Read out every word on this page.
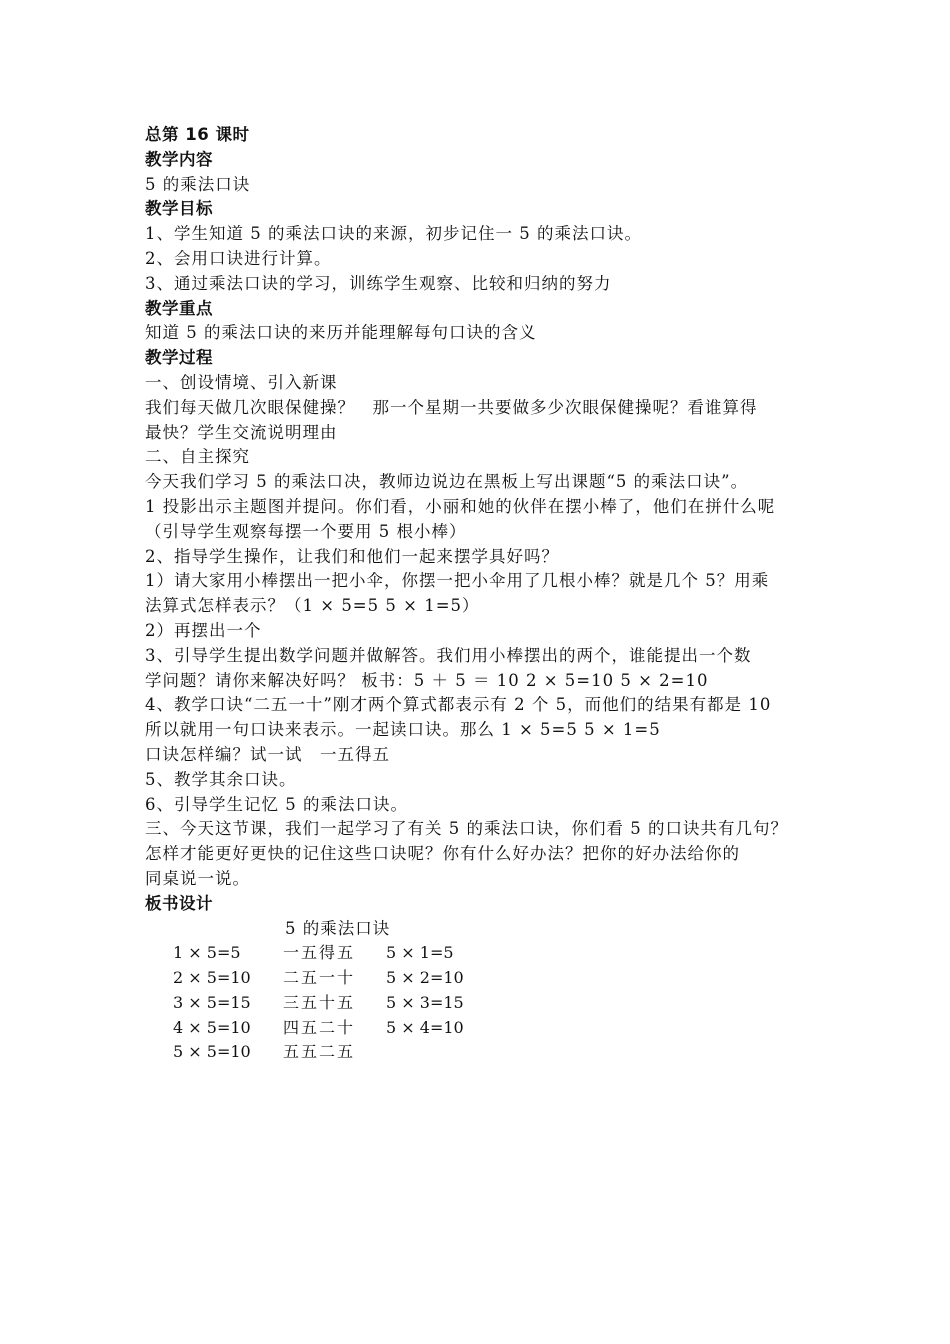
总第 16 课时
教学内容
5 的乘法口诀
教学目标
1、学生知道 5 的乘法口诀的来源，初步记住一 5 的乘法口诀。
2、会用口诀进行计算。
3、通过乘法口诀的学习，训练学生观察、比较和归纳的努力
教学重点
知道 5 的乘法口诀的来历并能理解每句口诀的含义
教学过程
一、创设情境、引入新课
我们每天做几次眼保健操？　那一个星期一共要做多少次眼保健操呢？看谁算得
最快？学生交流说明理由
二、自主探究
今天我们学习 5 的乘法口决，教师边说边在黑板上写出课题“5 的乘法口诀”。
1 投影出示主题图并提问。你们看，小丽和她的伙伴在摆小棒了，他们在拼什么呢
（引导学生观察每摆一个要用 5 根小棒）
2、指导学生操作，让我们和他们一起来摆学具好吗？
1）请大家用小棒摆出一把小伞，你摆一把小伞用了几根小棒？就是几个 5？用乘
法算式怎样表示？（1 × 5=5 5 × 1=5）
2）再摆出一个
3、引导学生提出数学问题并做解答。我们用小棒摆出的两个，谁能提出一个数
学问题？请你来解决好吗？ 板书：5 ＋ 5 ＝ 10 2 × 5=10 5 × 2=10
4、教学口诀“二五一十”刚才两个算式都表示有 2 个 5，而他们的结果有都是 10
所以就用一句口诀来表示。一起读口诀。那么 1 × 5=5 5 × 1=5
口诀怎样编？试一试　一五得五
5、教学其余口诀。
6、引导学生记忆 5 的乘法口诀。
三、今天这节课，我们一起学习了有关 5 的乘法口诀，你们看 5 的口诀共有几句？
怎样才能更好更快的记住这些口诀呢？你有什么好办法？把你的好办法给你的
同桌说一说。
板书设计
5 的乘法口诀
1 × 5=5	一五得五	5 × 1=5
2 × 5=10	二五一十	5 × 2=10
3 × 5=15	三五十五	5 × 3=15
4 × 5=10	四五二十	5 × 4=10
5 × 5=10	五五二五
